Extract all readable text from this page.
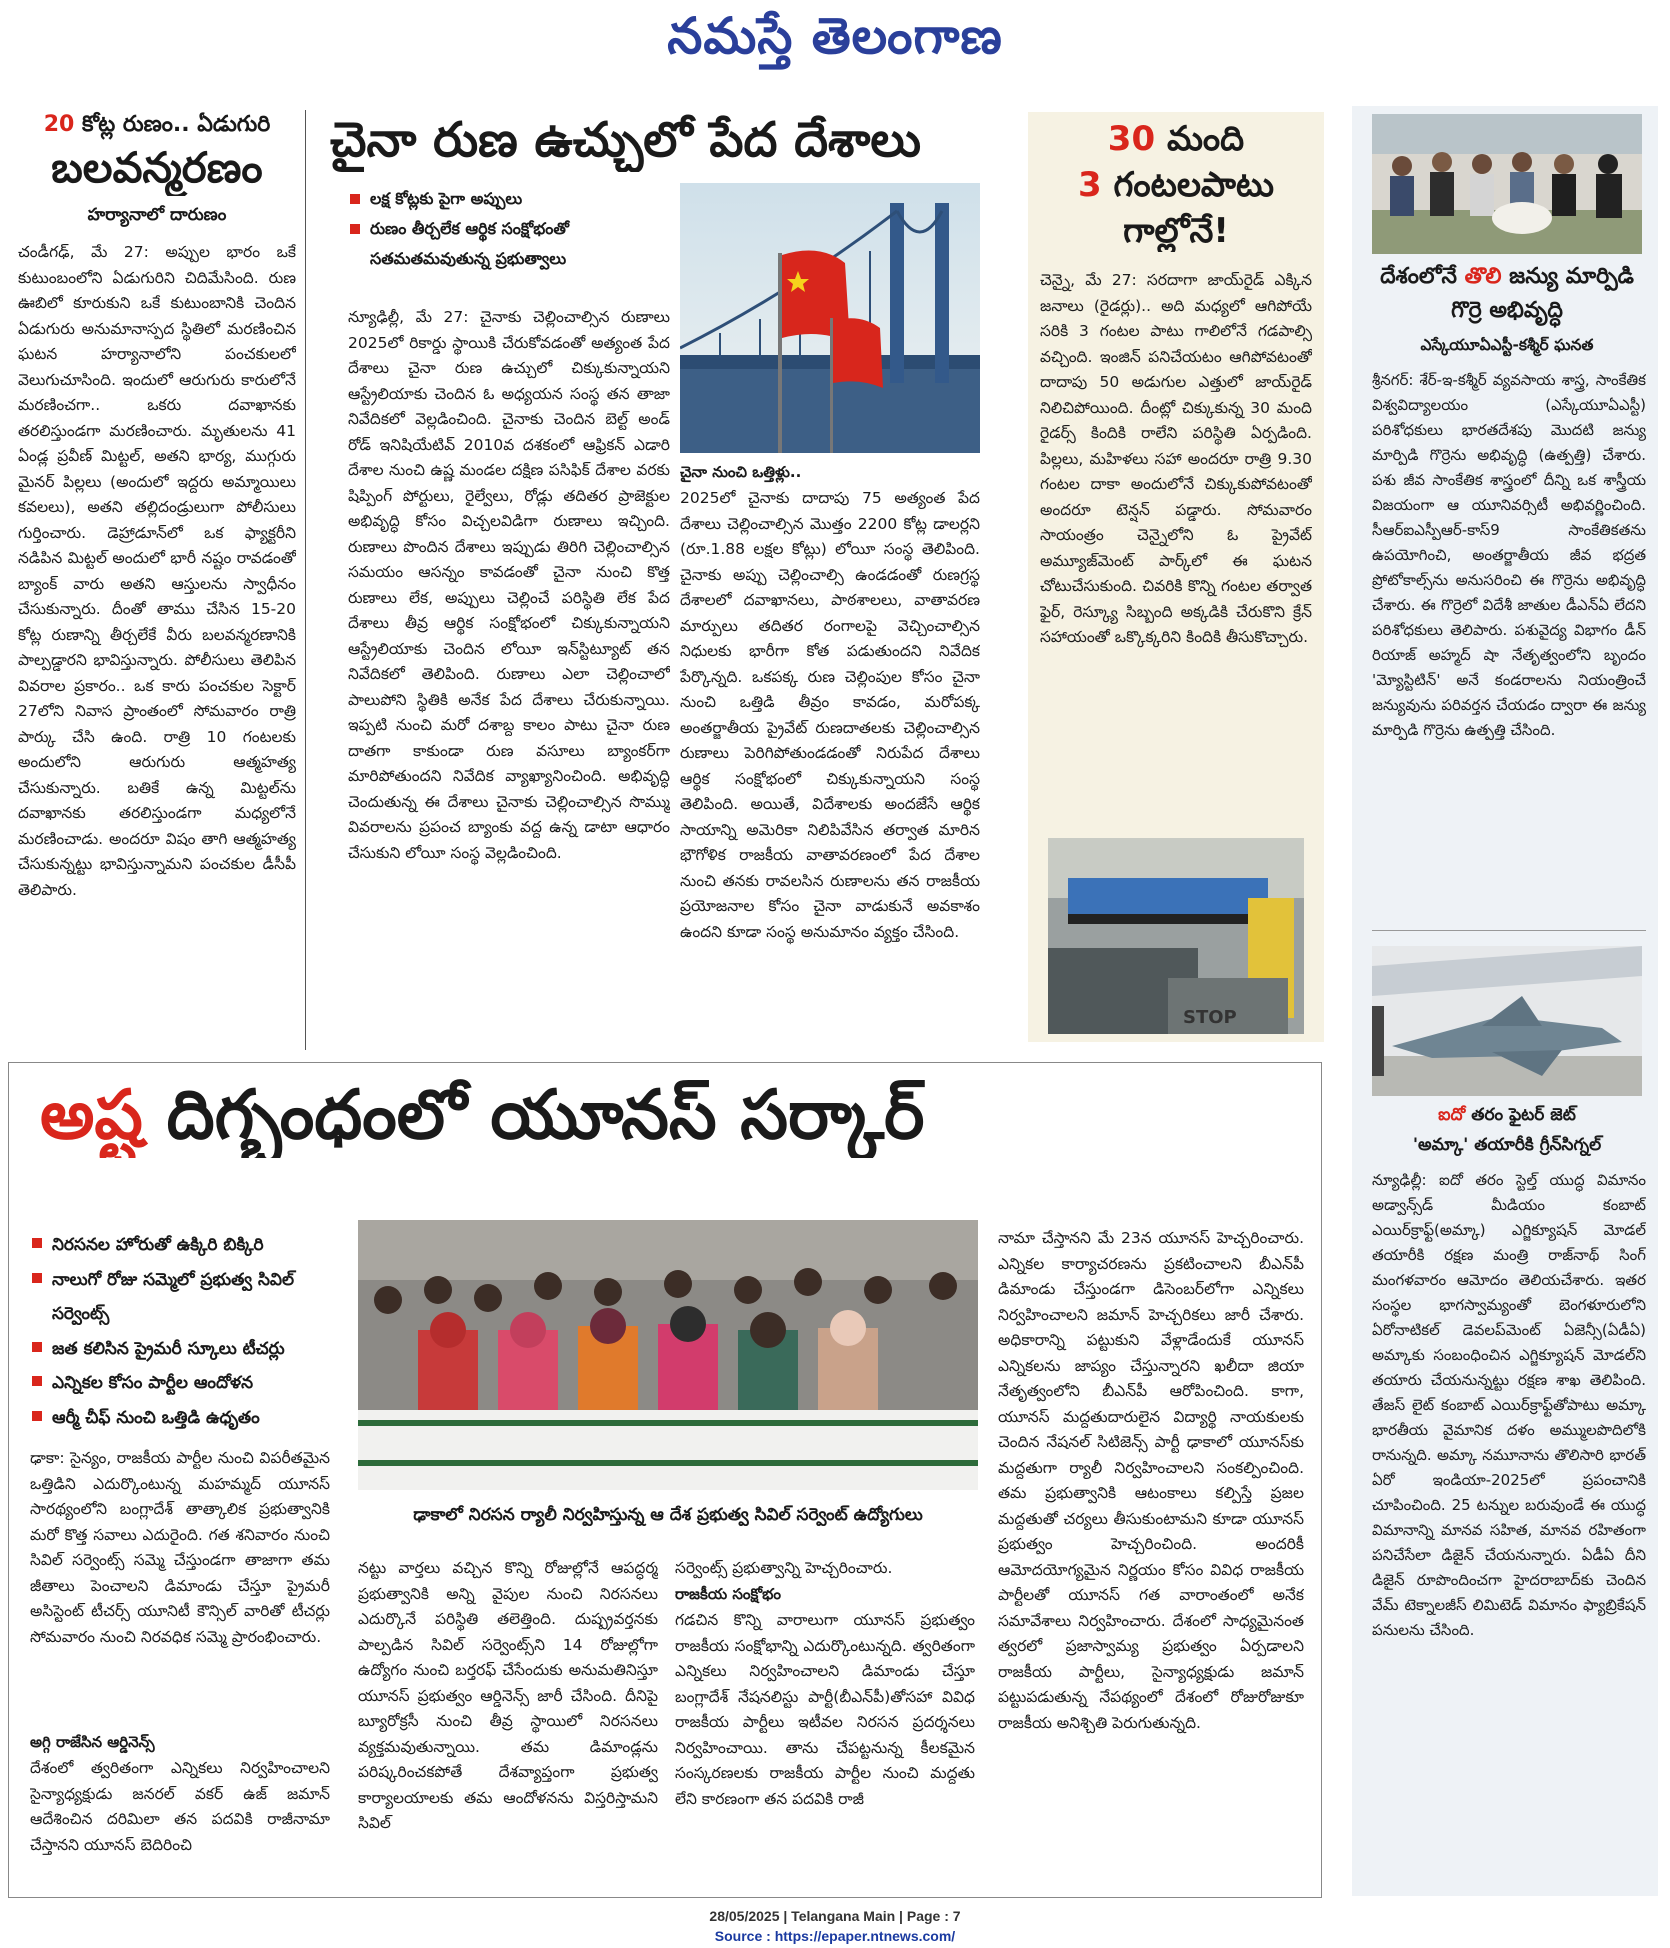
నమస్తే తెలంగాణ
20 కోట్ల రుణం.. ఏడుగురి
బలవన్మరణం
హర్యానాలో దారుణం
చండీగఢ్, మే 27: అప్పుల భారం ఒకే కుటుంబంలోని ఏడుగురిని చిదిమేసింది. రుణ ఊబిలో కూరుకుని ఒకే కుటుంబానికి చెందిన ఏడుగురు అనుమానాస్పద స్థితిలో మరణించిన ఘటన హర్యానాలోని పంచకులలో వెలుగుచూసింది. ఇందులో ఆరుగురు కారులోనే మరణించగా.. ఒకరు దవాఖానకు తరలిస్తుండగా మరణించారు. మృతులను 41 ఏండ్ల ప్రవీణ్ మిట్టల్, అతని భార్య, ముగ్గురు మైనర్ పిల్లలు (అందులో ఇద్దరు అమ్మాయిలు కవలలు), అతని తల్లిదండ్రులుగా పోలీసులు గుర్తించారు. డెహ్రాడూన్‌లో ఒక ఫ్యాక్టరీని నడిపిన మిట్టల్ అందులో భారీ నష్టం రావడంతో బ్యాంక్ వారు అతని ఆస్తులను స్వాధీనం చేసుకున్నారు. దీంతో తాము చేసిన 15-20 కోట్ల రుణాన్ని తీర్చలేకే వీరు బలవన్మరణానికి పాల్పడ్డారని భావిస్తున్నారు. పోలీసులు తెలిపిన వివరాల ప్రకారం.. ఒక కారు పంచకుల సెక్టార్ 27లోని నివాస ప్రాంతంలో సోమవారం రాత్రి పార్కు చేసి ఉంది. రాత్రి 10 గంటలకు అందులోని ఆరుగురు ఆత్మహత్య చేసుకున్నారు. బతికే ఉన్న మిట్టల్‌ను దవాఖానకు తరలిస్తుండగా మధ్యలోనే మరణించాడు. అందరూ విషం తాగి ఆత్మహత్య చేసుకున్నట్టు భావిస్తున్నామని పంచకుల డీసీపీ తెలిపారు.
చైనా రుణ ఉచ్చులో పేద దేశాలు
లక్ష కోట్లకు పైగా అప్పులు
రుణం తీర్చలేక ఆర్థిక సంక్షోభంతో సతమతమవుతున్న ప్రభుత్వాలు
న్యూఢిల్లీ, మే 27: చైనాకు చెల్లించాల్సిన రుణాలు 2025లో రికార్డు స్థాయికి చేరుకోవడంతో అత్యంత పేద దేశాలు చైనా రుణ ఉచ్చులో చిక్కుకున్నాయని ఆస్ట్రేలియాకు చెందిన ఓ అధ్యయన సంస్థ తన తాజా నివేదికలో వెల్లడించింది. చైనాకు చెందిన బెల్ట్ అండ్ రోడ్ ఇనిషియేటివ్ 2010వ దశకంలో ఆఫ్రికన్ ఎడారి దేశాల నుంచి ఉష్ణ మండల దక్షిణ పసిఫిక్ దేశాల వరకు షిప్పింగ్ పోర్టులు, రైల్వేలు, రోడ్లు తదితర ప్రాజెక్టుల అభివృద్ధి కోసం విచ్చలవిడిగా రుణాలు ఇచ్చింది. రుణాలు పొందిన దేశాలు ఇప్పుడు తిరిగి చెల్లించాల్సిన సమయం ఆసన్నం కావడంతో చైనా నుంచి కొత్త రుణాలు లేక, అప్పులు చెల్లించే పరిస్థితి లేక పేద దేశాలు తీవ్ర ఆర్థిక సంక్షోభంలో చిక్కుకున్నాయని ఆస్ట్రేలియాకు చెందిన లోయీ ఇన్‌స్టిట్యూట్ తన నివేదికలో తెలిపింది. రుణాలు ఎలా చెల్లించాలో పాలుపోని స్థితికి అనేక పేద దేశాలు చేరుకున్నాయి. ఇప్పటి నుంచి మరో దశాబ్ద కాలం పాటు చైనా రుణ దాతగా కాకుండా రుణ వసూలు బ్యాంకర్‌గా మారిపోతుందని నివేదిక వ్యాఖ్యానించింది. అభివృద్ధి చెందుతున్న ఈ దేశాలు చైనాకు చెల్లించాల్సిన సొమ్ము వివరాలను ప్రపంచ బ్యాంకు వద్ద ఉన్న డాటా ఆధారం చేసుకుని లోయీ సంస్థ వెల్లడించింది.
చైనా నుంచి ఒత్తిళ్లు..
2025లో చైనాకు దాదాపు 75 అత్యంత పేద దేశాలు చెల్లించాల్సిన మొత్తం 2200 కోట్ల డాలర్లని (రూ.1.88 లక్షల కోట్లు) లోయీ సంస్థ తెలిపింది. చైనాకు అప్పు చెల్లించాల్సి ఉండడంతో రుణగ్రస్థ దేశాలలో దవాఖానలు, పాఠశాలలు, వాతావరణ మార్పులు తదితర రంగాలపై వెచ్చించాల్సిన నిధులకు భారీగా కోత పడుతుందని నివేదిక పేర్కొన్నది. ఒకపక్క రుణ చెల్లింపుల కోసం చైనా నుంచి ఒత్తిడి తీవ్రం కావడం, మరోపక్క అంతర్జాతీయ ప్రైవేట్ రుణదాతలకు చెల్లించాల్సిన రుణాలు పెరిగిపోతుండడంతో నిరుపేద దేశాలు ఆర్థిక సంక్షోభంలో చిక్కుకున్నాయని సంస్థ తెలిపింది. అయితే, విదేశాలకు అందజేసే ఆర్థిక సాయాన్ని అమెరికా నిలిపివేసిన తర్వాత మారిన భౌగోళిక రాజకీయ వాతావరణంలో పేద దేశాల నుంచి తనకు రావలసిన రుణాలను తన రాజకీయ ప్రయోజనాల కోసం చైనా వాడుకునే అవకాశం ఉందని కూడా సంస్థ అనుమానం వ్యక్తం చేసింది.
30 మంది
3 గంటలపాటు
గాల్లోనే!
చెన్నై, మే 27: సరదాగా జాయ్‌రైడ్ ఎక్కిన జనాలు (రైడర్లు).. అది మధ్యలో ఆగిపోయే సరికి 3 గంటల పాటు గాలిలోనే గడపాల్సి వచ్చింది. ఇంజిన్ పనిచేయటం ఆగిపోవటంతో దాదాపు 50 అడుగుల ఎత్తులో జాయ్‌రైడ్ నిలిచిపోయింది. దీంట్లో చిక్కుకున్న 30 మంది రైడర్స్ కిందికి రాలేని పరిస్థితి ఏర్పడింది. పిల్లలు, మహిళలు సహా అందరూ రాత్రి 9.30 గంటల దాకా అందులోనే చిక్కుకుపోవటంతో అందరూ టెన్షన్ పడ్డారు. సోమవారం సాయంత్రం చెన్నైలోని ఓ ప్రైవేట్ అమ్యూజ్‌మెంట్ పార్క్‌లో ఈ ఘటన చోటుచేసుకుంది. చివరికి కొన్ని గంటల తర్వాత ఫైర్, రెస్క్యూ సిబ్బంది అక్కడికి చేరుకొని క్రేన్ సహాయంతో ఒక్కొక్కరిని కిందికి తీసుకొచ్చారు.
STOP
దేశంలోనే తొలి జన్యు మార్పిడి గొర్రె అభివృద్ధి
ఎస్కేయూఏఎస్టీ-కశ్మీర్ ఘనత
శ్రీనగర్: శేర్-ఇ-కశ్మీర్ వ్యవసాయ శాస్త్ర, సాంకేతిక విశ్వవిద్యాలయం (ఎస్కేయూఏఎస్టీ) పరిశోధకులు భారతదేశపు మొదటి జన్యు మార్పిడి గొర్రెను అభివృద్ధి (ఉత్పత్తి) చేశారు. పశు జీవ సాంకేతిక శాస్త్రంలో దీన్ని ఒక శాస్త్రీయ విజయంగా ఆ యూనివర్సిటీ అభివర్ణించింది. సీఆర్ఐఎస్పీఆర్-కాస్9 సాంకేతికతను ఉపయోగించి, అంతర్జాతీయ జీవ భద్రత ప్రోటోకాల్స్‌ను అనుసరించి ఈ గొర్రెను అభివృద్ధి చేశారు. ఈ గొర్రెలో విదేశీ జాతుల డీఎన్ఏ లేదని పరిశోధకులు తెలిపారు. పశువైద్య విభాగం డీన్ రియాజ్ అహ్మద్ షా నేతృత్వంలోని బృందం 'మ్యోస్టిటిన్' అనే కండరాలను నియంత్రించే జన్యువును పరివర్తన చేయడం ద్వారా ఈ జన్యు మార్పిడి గొర్రెను ఉత్పత్తి చేసింది.
ఐదో తరం ఫైటర్ జెట్
'అమ్కా' తయారీకి గ్రీన్‌సిగ్నల్
న్యూఢిల్లీ: ఐదో తరం స్టెల్త్ యుద్ధ విమానం అడ్వాన్స్‌డ్ మీడియం కంబాట్ ఎయిర్‌క్రాఫ్ట్(అమ్కా) ఎగ్జిక్యూషన్ మోడల్ తయారీకి రక్షణ మంత్రి రాజ్‌నాథ్ సింగ్ మంగళవారం ఆమోదం తెలియచేశారు. ఇతర సంస్థల భాగస్వామ్యంతో బెంగళూరులోని ఏరోనాటికల్ డెవలప్‌మెంట్ ఏజెన్సీ(ఏడీఏ) అమ్కాకు సంబంధించిన ఎగ్జిక్యూషన్ మోడల్‌ని తయారు చేయనున్నట్టు రక్షణ శాఖ తెలిపింది. తేజస్ లైట్ కంబాట్ ఎయిర్‌క్రాఫ్ట్‌తోపాటు అమ్కా భారతీయ వైమానిక దళం అమ్ములపొదిలోకి రానున్నది. అమ్కా నమూనాను తొలిసారి భారత్ ఏరో ఇండియా-2025లో ప్రపంచానికి చూపించింది. 25 టన్నుల బరువుండే ఈ యుద్ధ విమానాన్ని మానవ సహిత, మానవ రహితంగా పనిచేసేలా డిజైన్ చేయనున్నారు. ఏడీఏ దీని డిజైన్ రూపొందించగా హైదరాబాద్‌కు చెందిన వేమ్ టెక్నాలజీస్ లిమిటెడ్ విమానం ఫ్యాబ్రికేషన్ పనులను చేసింది.
అష్ట దిగ్బంధంలో యూనస్ సర్కార్
నిరసనల హోరుతో ఉక్కిరి బిక్కిరి
నాలుగో రోజు సమ్మెలో ప్రభుత్వ సివిల్ సర్వెంట్స్
జత కలిసిన ప్రైమరీ స్కూలు టీచర్లు
ఎన్నికల కోసం పార్టీల ఆందోళన
ఆర్మీ చీఫ్ నుంచి ఒత్తిడి ఉధృతం
ఢాకా: సైన్యం, రాజకీయ పార్టీల నుంచి విపరీతమైన ఒత్తిడిని ఎదుర్కొంటున్న మహమ్మద్ యూనస్ సారథ్యంలోని బంగ్లాదేశ్ తాత్కాలిక ప్రభుత్వానికి మరో కొత్త సవాలు ఎదురైంది. గత శనివారం నుంచి సివిల్ సర్వెంట్స్ సమ్మె చేస్తుండగా తాజాగా తమ జీతాలు పెంచాలని డిమాండు చేస్తూ ప్రైమరీ అసిస్టెంట్ టీచర్స్ యూనిటీ కౌన్సిల్ వారితో టీచర్లు సోమవారం నుంచి నిరవధిక సమ్మె ప్రారంభించారు.
అగ్గి రాజేసిన ఆర్డినెన్స్
దేశంలో త్వరితంగా ఎన్నికలు నిర్వహించాలని సైన్యాధ్యక్షుడు జనరల్ వకర్ ఉజ్ జమాన్ ఆదేశించిన దరిమిలా తన పదవికి రాజీనామా చేస్తానని యూనస్ బెదిరించి
ఢాకాలో నిరసన ర్యాలీ నిర్వహిస్తున్న ఆ దేశ ప్రభుత్వ సివిల్ సర్వెంట్ ఉద్యోగులు
నట్టు వార్తలు వచ్చిన కొన్ని రోజుల్లోనే ఆపద్ధర్మ ప్రభుత్వానికి అన్ని వైపుల నుంచి నిరసనలు ఎదుర్కొనే పరిస్థితి తలెత్తింది. దుష్ప్రవర్తనకు పాల్పడిన సివిల్ సర్వెంట్స్‌ని 14 రోజుల్లోగా ఉద్యోగం నుంచి బర్తరఫ్ చేసేందుకు అనుమతినిస్తూ యూనస్ ప్రభుత్వం ఆర్డినెన్స్ జారీ చేసింది. దీనిపై బ్యూరోక్రసీ నుంచి తీవ్ర స్థాయిలో నిరసనలు వ్యక్తమవుతున్నాయి. తమ డిమాండ్లను పరిష్కరించకపోతే దేశవ్యాప్తంగా ప్రభుత్వ కార్యాలయాలకు తమ ఆందోళనను విస్తరిస్తామని సివిల్
సర్వెంట్స్ ప్రభుత్వాన్ని హెచ్చరించారు.
రాజకీయ సంక్షోభం
గడచిన కొన్ని వారాలుగా యూనస్ ప్రభుత్వం రాజకీయ సంక్షోభాన్ని ఎదుర్కొంటున్నది. త్వరితంగా ఎన్నికలు నిర్వహించాలని డిమాండు చేస్తూ బంగ్లాదేశ్ నేషనలిస్టు పార్టీ(బీఎన్‌పీ)తోసహా వివిధ రాజకీయ పార్టీలు ఇటీవల నిరసన ప్రదర్శనలు నిర్వహించాయి. తాను చేపట్టనున్న కీలకమైన సంస్కరణలకు రాజకీయ పార్టీల నుంచి మద్దతు లేని కారణంగా తన పదవికి రాజీ
నామా చేస్తానని మే 23న యూనస్ హెచ్చరించారు. ఎన్నికల కార్యాచరణను ప్రకటించాలని బీఎన్‌పీ డిమాండు చేస్తుండగా డిసెంబర్‌లోగా ఎన్నికలు నిర్వహించాలని జమాన్ హెచ్చరికలు జారీ చేశారు. అధికారాన్ని పట్టుకుని వేళ్లాడేందుకే యూనస్ ఎన్నికలను జాప్యం చేస్తున్నారని ఖలీదా జియా నేతృత్వంలోని బీఎన్‌పీ ఆరోపించింది. కాగా, యూనస్ మద్దతుదారులైన విద్యార్థి నాయకులకు చెందిన నేషనల్ సిటిజెన్స్ పార్టీ ఢాకాలో యూనస్‌కు మద్దతుగా ర్యాలీ నిర్వహించాలని సంకల్పించింది. తమ ప్రభుత్వానికి ఆటంకాలు కల్పిస్తే ప్రజల మద్దతుతో చర్యలు తీసుకుంటామని కూడా యూనస్ ప్రభుత్వం హెచ్చరించింది. అందరికీ ఆమోదయోగ్యమైన నిర్ణయం కోసం వివిధ రాజకీయ పార్టీలతో యూనస్ గత వారాంతంలో అనేక సమావేశాలు నిర్వహించారు. దేశంలో సాధ్యమైనంత త్వరలో ప్రజాస్వామ్య ప్రభుత్వం ఏర్పడాలని రాజకీయ పార్టీలు, సైన్యాధ్యక్షుడు జమాన్ పట్టుపడుతున్న నేపథ్యంలో దేశంలో రోజురోజుకూ రాజకీయ అనిశ్చితి పెరుగుతున్నది.
28/05/2025 | Telangana Main | Page : 7
Source : https://epaper.ntnews.com/
